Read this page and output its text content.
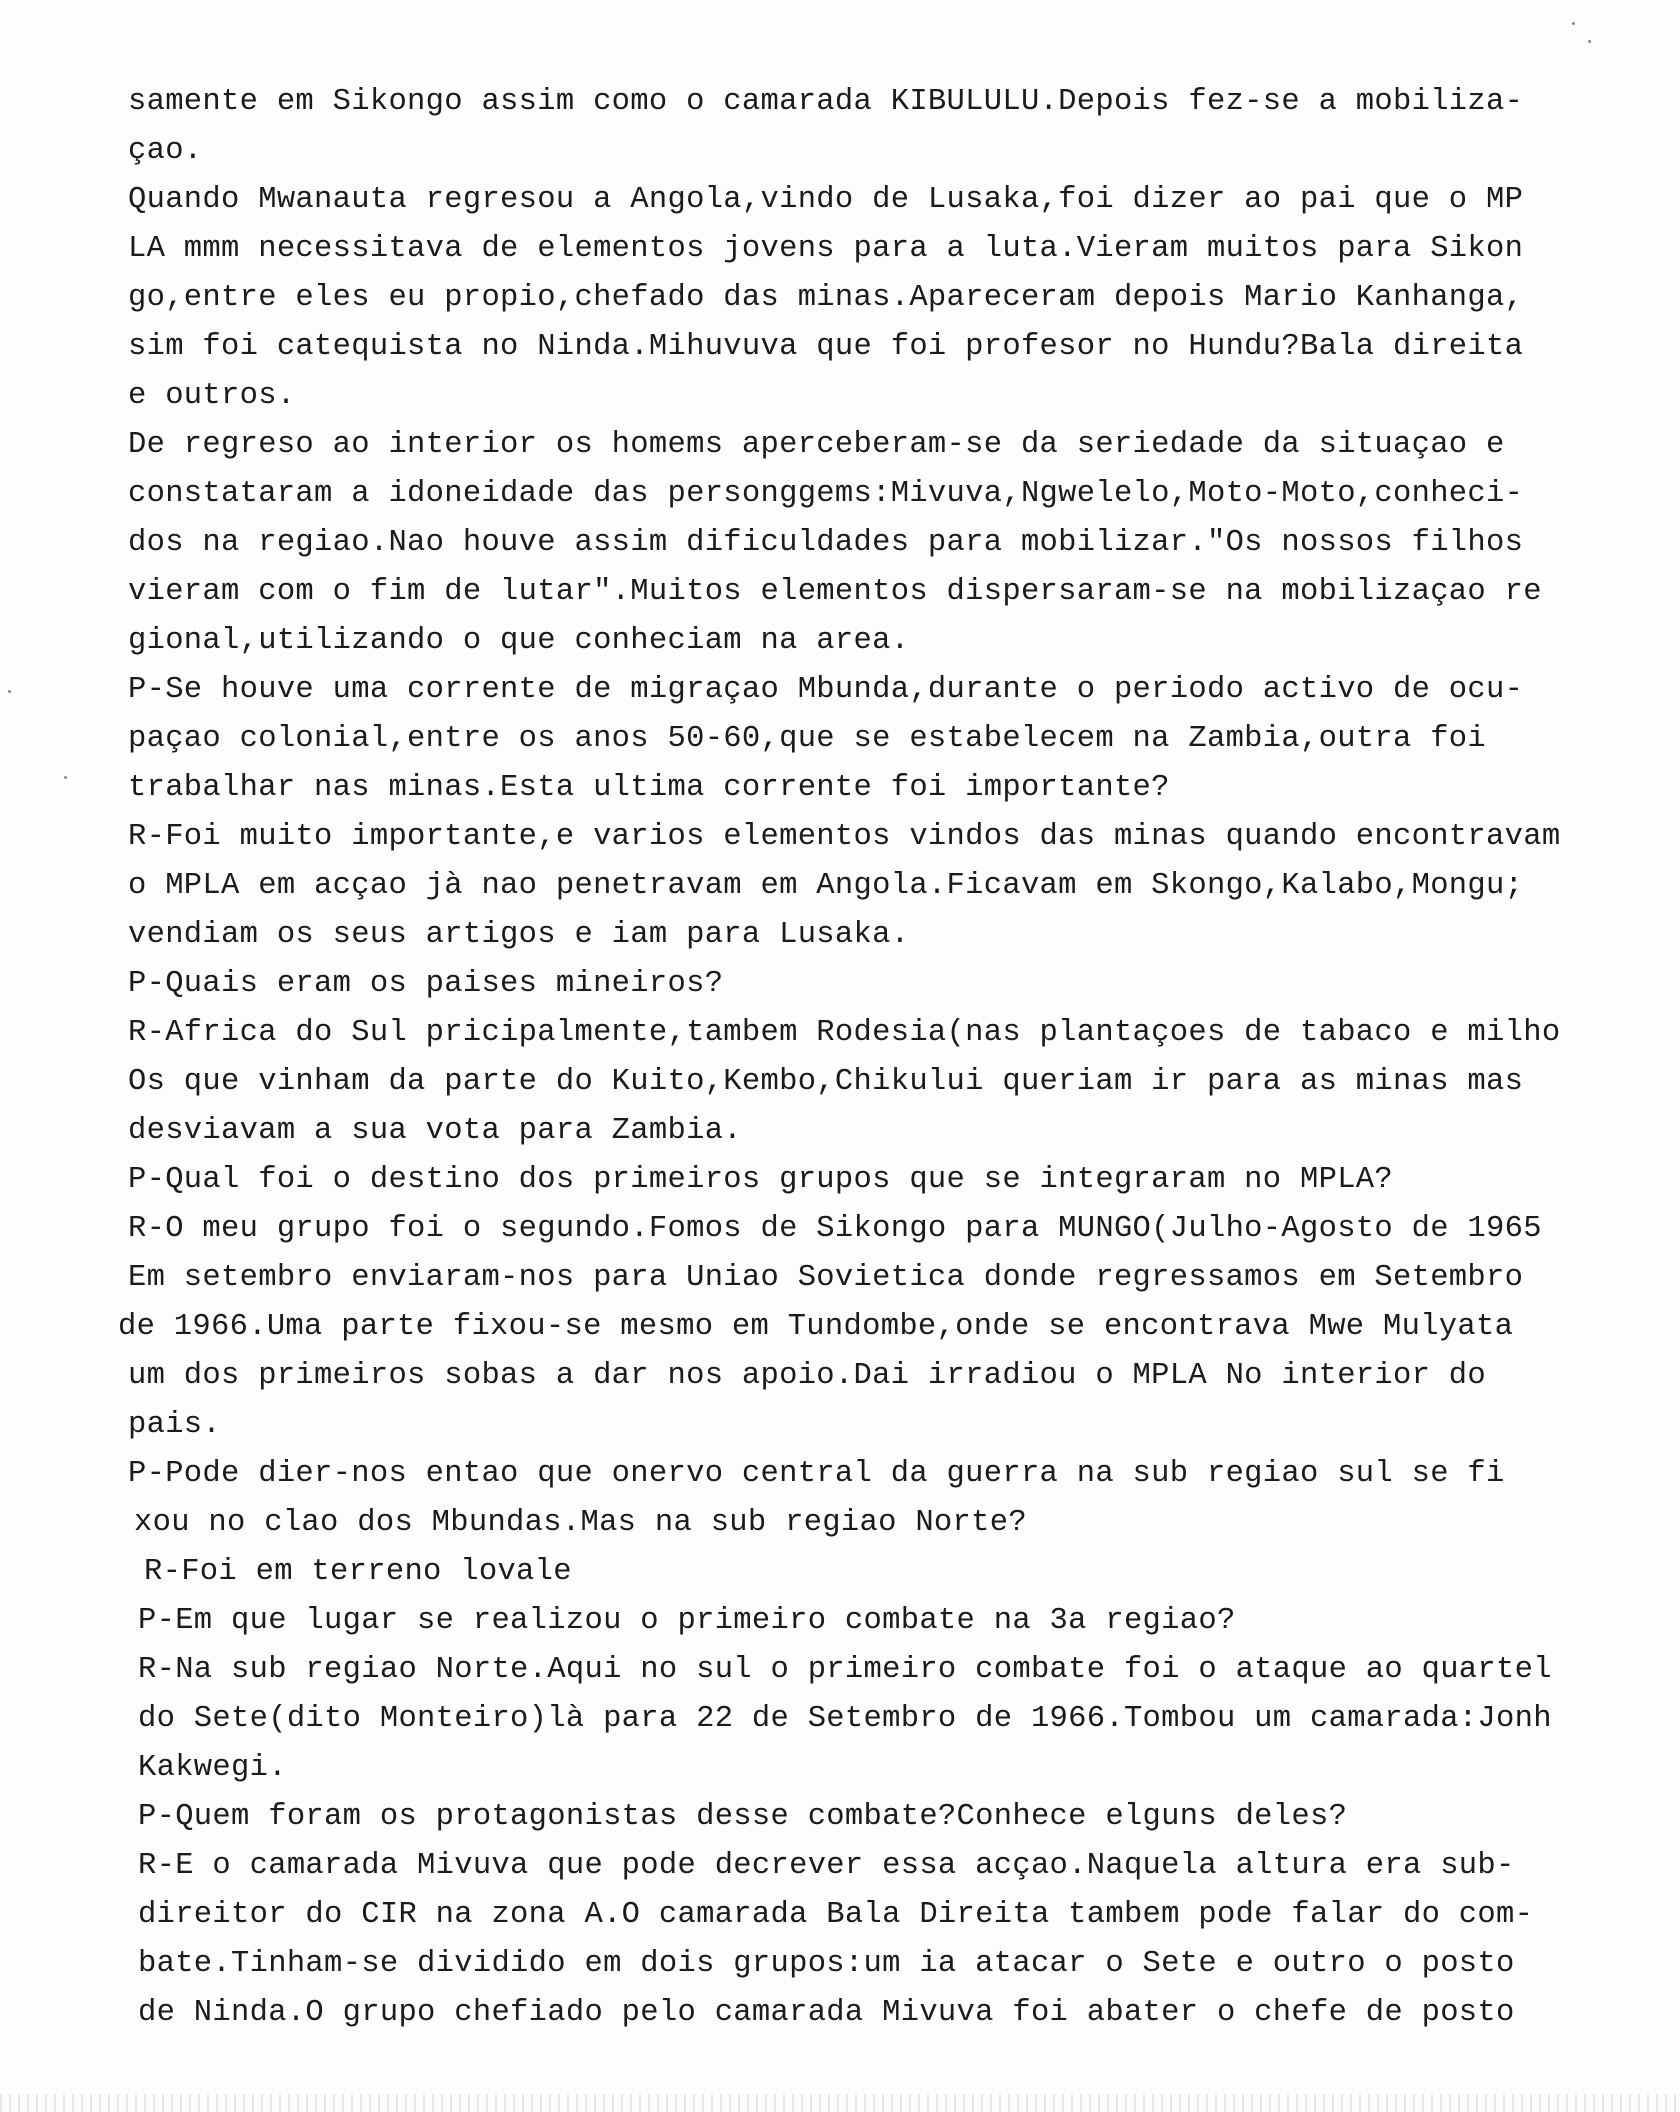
samente em Sikongo assim como o camarada KIBULULU.Depois fez-se a mobiliza-
çao.
Quando Mwanauta regresou a Angola,vindo de Lusaka,foi dizer ao pai que o MP
LA mmm necessitava de elementos jovens para a luta.Vieram muitos para Sikon
go,entre eles eu propio,chefado das minas.Apareceram depois Mario Kanhanga,
sim foi catequista no Ninda.Mihuvuva que foi profesor no Hundu?Bala direita
e outros.
De regreso ao interior os homems aperceberam-se da seriedade da situaçao e
constataram a idoneidade das personggems:Mivuva,Ngwelelo,Moto-Moto,conheci-
dos na regiao.Nao houve assim dificuldades para mobilizar."Os nossos filhos
vieram com o fim de lutar".Muitos elementos dispersaram-se na mobilizaçao re
gional,utilizando o que conheciam na area.
P-Se houve uma corrente de migraçao Mbunda,durante o periodo activo de ocu-
paçao colonial,entre os anos 50-60,que se estabelecem na Zambia,outra foi
trabalhar nas minas.Esta ultima corrente foi importante?
R-Foi muito importante,e varios elementos vindos das minas quando encontravam
o MPLA em acçao jà nao penetravam em Angola.Ficavam em Skongo,Kalabo,Mongu;
vendiam os seus artigos e iam para Lusaka.
P-Quais eram os paises mineiros?
R-Africa do Sul pricipalmente,tambem Rodesia(nas plantaçoes de tabaco e milho
Os que vinham da parte do Kuito,Kembo,Chikului queriam ir para as minas mas
desviavam a sua vota para Zambia.
P-Qual foi o destino dos primeiros grupos que se integraram no MPLA?
R-O meu grupo foi o segundo.Fomos de Sikongo para MUNGO(Julho-Agosto de 1965
Em setembro enviaram-nos para Uniao Sovietica donde regressamos em Setembro
de 1966.Uma parte fixou-se mesmo em Tundombe,onde se encontrava Mwe Mulyata
um dos primeiros sobas a dar nos apoio.Dai irradiou o MPLA No interior do
pais.
P-Pode dier-nos entao que onervo central da guerra na sub regiao sul se fi
xou no clao dos Mbundas.Mas na sub regiao Norte?
R-Foi em terreno lovale
P-Em que lugar se realizou o primeiro combate na 3a regiao?
R-Na sub regiao Norte.Aqui no sul o primeiro combate foi o ataque ao quartel
do Sete(dito Monteiro)là para 22 de Setembro de 1966.Tombou um camarada:Jonh
Kakwegi.
P-Quem foram os protagonistas desse combate?Conhece elguns deles?
R-E o camarada Mivuva que pode decrever essa acçao.Naquela altura era sub-
direitor do CIR na zona A.O camarada Bala Direita tambem pode falar do com-
bate.Tinham-se dividido em dois grupos:um ia atacar o Sete e outro o posto
de Ninda.O grupo chefiado pelo camarada Mivuva foi abater o chefe de posto
